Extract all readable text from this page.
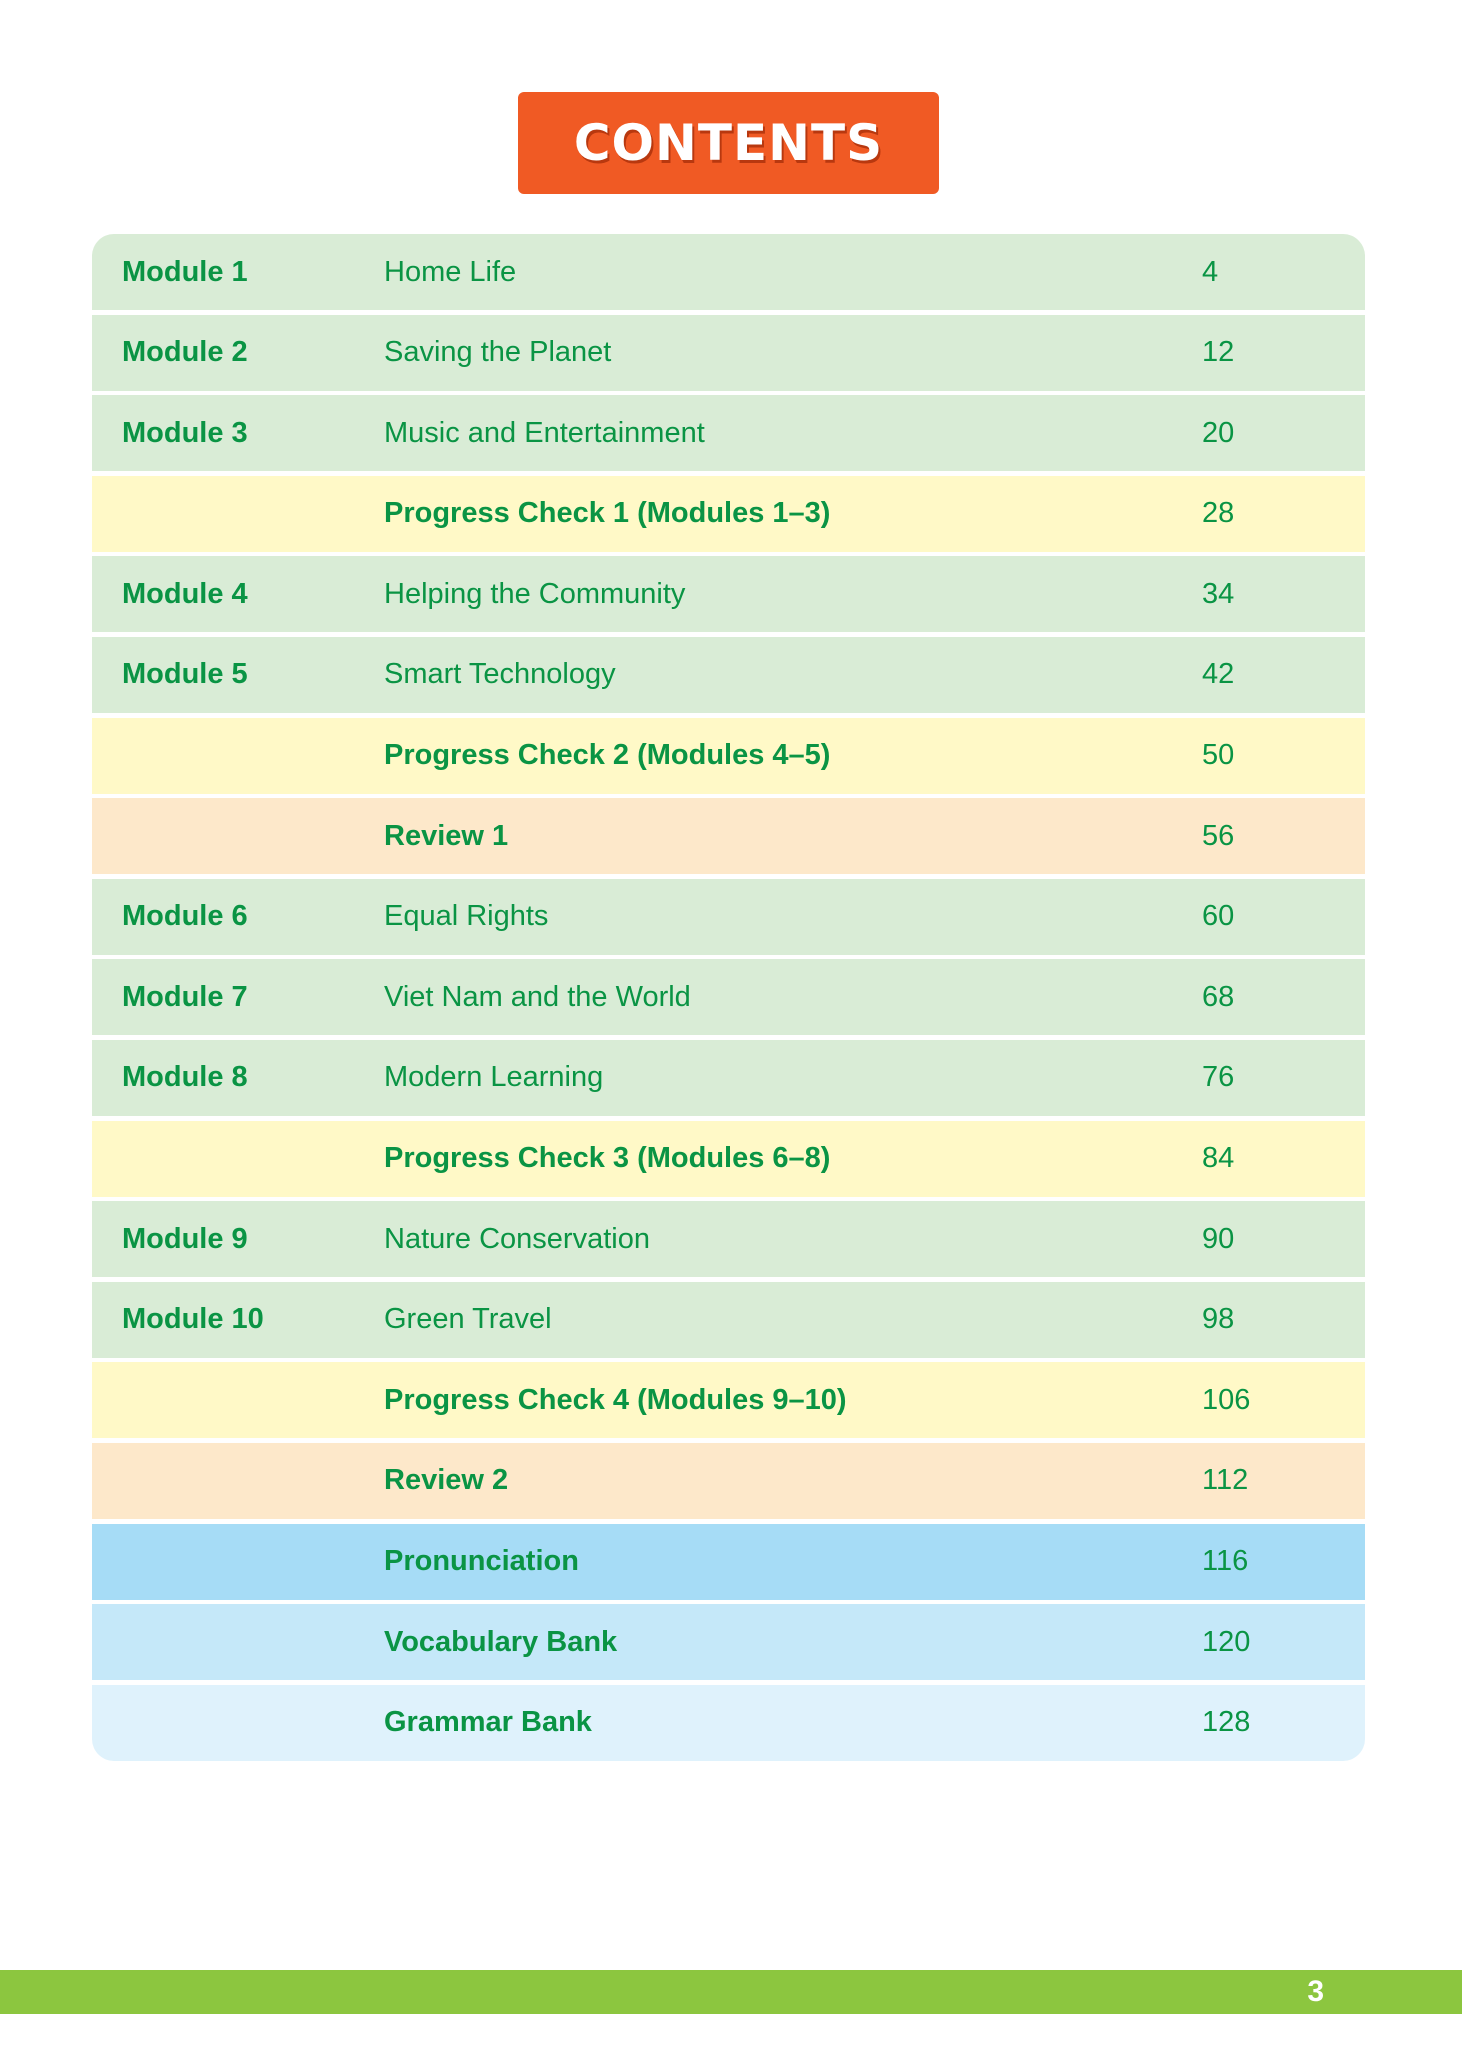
CONTENTS
Module 1	Home Life	4
Module 2	Saving the Planet	12
Module 3	Music and Entertainment	20
Progress Check 1 (Modules 1–3)	28
Module 4	Helping the Community	34
Module 5	Smart Technology	42
Progress Check 2 (Modules 4–5)	50
Review 1	56
Module 6	Equal Rights	60
Module 7	Viet Nam and the World	68
Module 8	Modern Learning	76
Progress Check 3 (Modules 6–8)	84
Module 9	Nature Conservation	90
Module 10	Green Travel	98
Progress Check 4 (Modules 9–10)	106
Review 2	112
Pronunciation	116
Vocabulary Bank	120
Grammar Bank	128
3
